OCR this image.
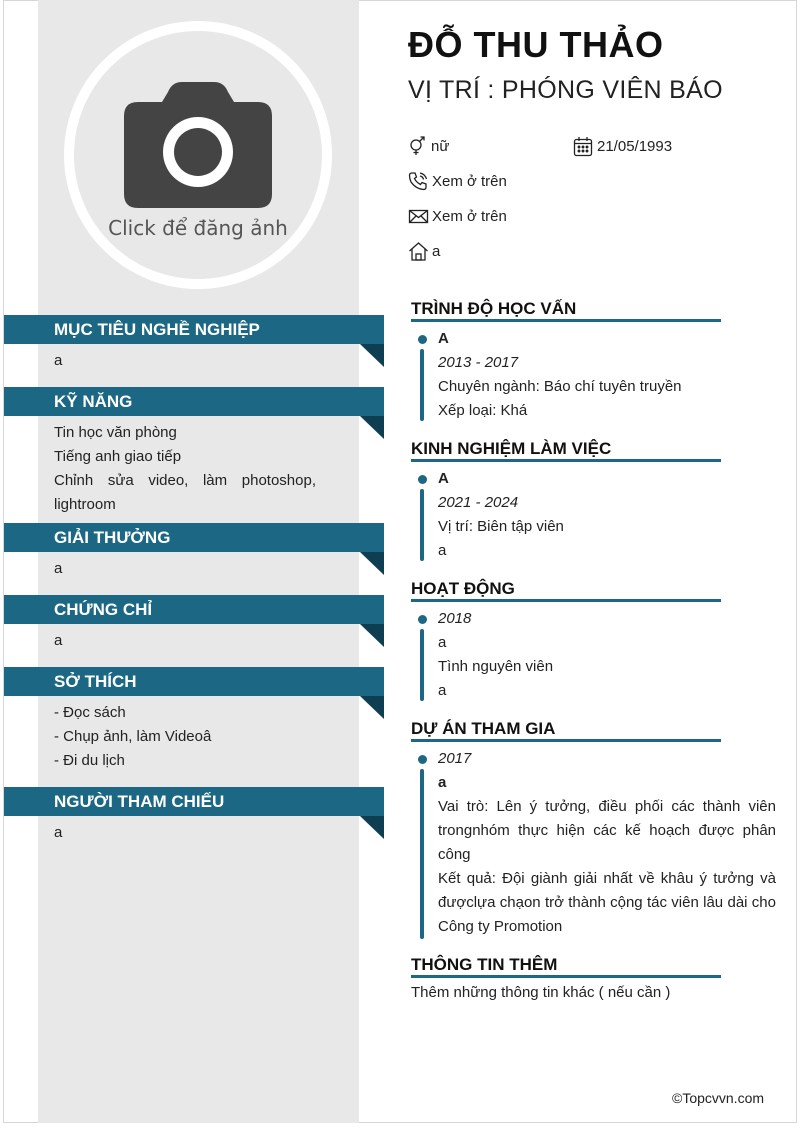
Click để đăng ảnh
MỤC TIÊU NGHỀ NGHIỆP
a
KỸ NĂNG
Tin học văn phòng
Tiếng anh giao tiếp
Chỉnh sửa video, làm photoshop, lightroom
GIẢI THƯỞNG
a
CHỨNG CHỈ
a
SỞ THÍCH
- Đọc sách
- Chụp ảnh, làm Videoâ
- Đi du lịch
NGƯỜI THAM CHIẾU
a
ĐỖ THU THẢO
VỊ TRÍ : PHÓNG VIÊN BÁO
nữ	21/05/1993
Xem ở trên
Xem ở trên
a
TRÌNH ĐỘ HỌC VẤN
A
2013 - 2017
Chuyên ngành: Báo chí tuyên truyền
Xếp loại: Khá
KINH NGHIỆM LÀM VIỆC
A
2021 - 2024
Vị trí: Biên tập viên
a
HOẠT ĐỘNG
2018
a
Tình nguyên viên
a
DỰ ÁN THAM GIA
2017
a
Vai trò: Lên ý tưởng, điều phối các thành viên trongnhóm thực hiện các kế hoạch được phân công
Kết quả: Đội giành giải nhất về khâu ý tưởng và đượclựa chạon trở thành cộng tác viên lâu dài cho Công ty Promotion
THÔNG TIN THÊM
Thêm những thông tin khác ( nếu cần )
©Topcvvn.com
